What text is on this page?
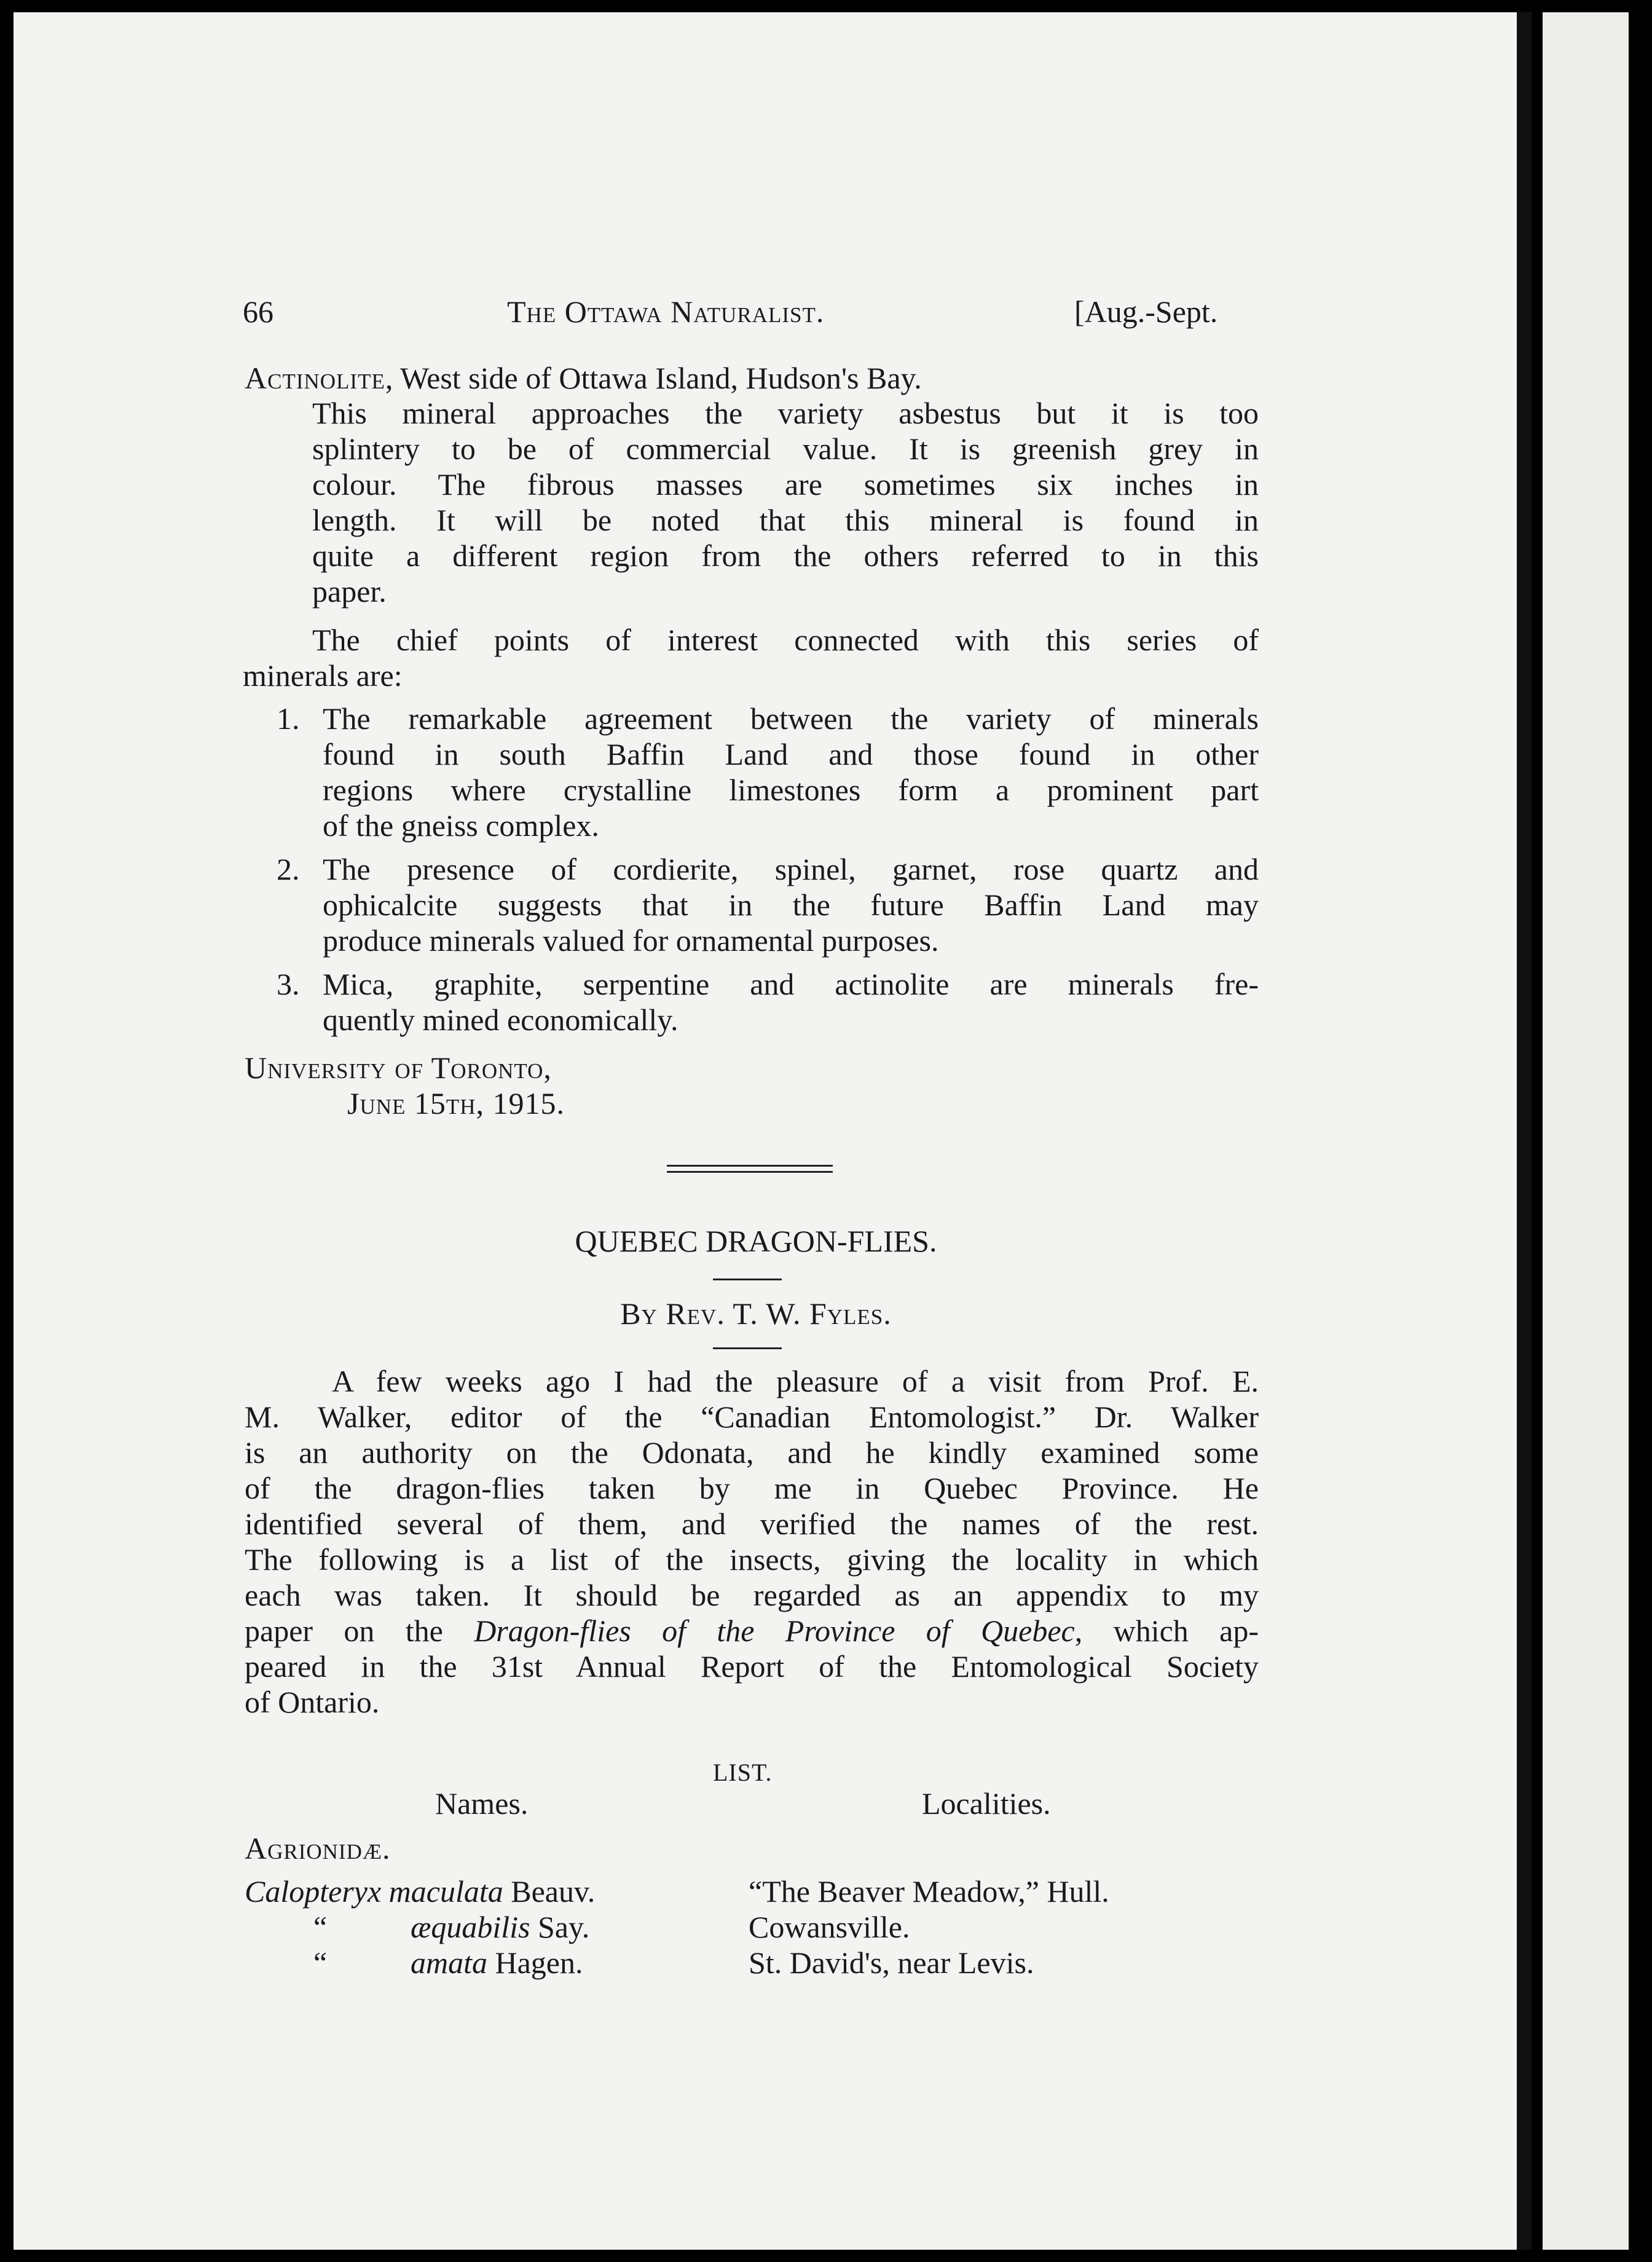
66	The Ottawa Naturalist.	[Aug.-Sept.
Actinolite, West side of Ottawa Island, Hudson's Bay.
This mineral approaches the variety asbestus but it is too
splintery to be of commercial value. It is greenish grey in
colour. The fibrous masses are sometimes six inches in
length. It will be noted that this mineral is found in
quite a different region from the others referred to in this
paper.
The chief points of interest connected with this series of
minerals are:
1. The remarkable agreement between the variety of minerals
found in south Baffin Land and those found in other
regions where crystalline limestones form a prominent part
of the gneiss complex.
2. The presence of cordierite, spinel, garnet, rose quartz and
ophicalcite suggests that in the future Baffin Land may
produce minerals valued for ornamental purposes.
3. Mica, graphite, serpentine and actinolite are minerals fre-
quently mined economically.
University of Toronto,
June 15th, 1915.
QUEBEC DRAGON-FLIES.
By Rev. T. W. Fyles.
A few weeks ago I had the pleasure of a visit from Prof. E.
M. Walker, editor of the “Canadian Entomologist.” Dr. Walker
is an authority on the Odonata, and he kindly examined some
of the dragon-flies taken by me in Quebec Province. He
identified several of them, and verified the names of the rest.
The following is a list of the insects, giving the locality in which
each was taken. It should be regarded as an appendix to my
paper on the Dragon-flies of the Province of Quebec, which ap-
peared in the 31st Annual Report of the Entomological Society
of Ontario.
LIST.
Names.	Localities.
Agrionidæ.
Calopteryx maculata Beauv.	“The Beaver Meadow,” Hull.
“	æquabilis Say.	Cowansville.
“	amata Hagen.	St. David's, near Levis.
